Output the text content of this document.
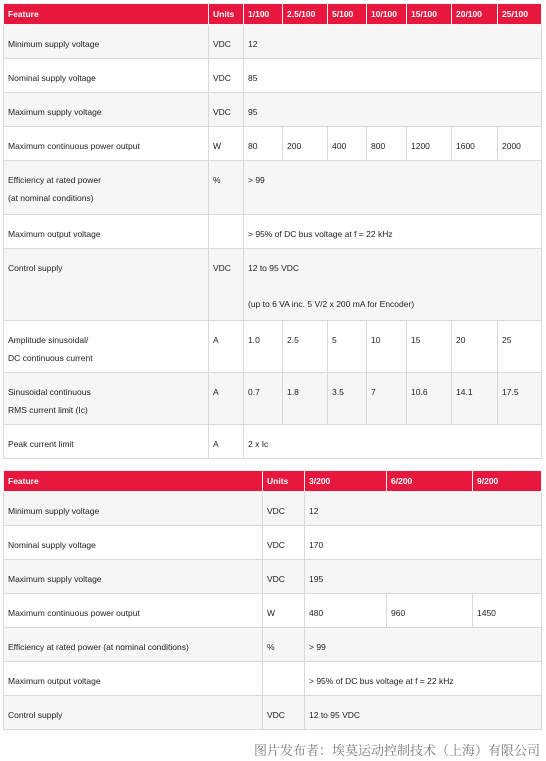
Feature	Units	1/100	2.5/100	5/100	10/100	15/100	20/100	25/100

Minimum supply voltage	VDC	12						

Nominal supply voltage	VDC	85						

Maximum supply voltage	VDC	95						

Maximum continuous power output	W	80	200	400	800	1200	1600	2000

Efficiency at rated power
(at nominal conditions)	%	> 99						

Maximum output voltage		> 95% of DC bus voltage at f = 22 kHz						

Control supply	VDC	12 to 95 VDC

(up to 6 VA inc. 5 V/2 x 200 mA for Encoder)						

Amplitude sinusoidal/
DC continuous current	A	1.0	2.5	5	10	15	20	25

Sinusoidal continuous
RMS current limit (Ic)	A	0.7	1.8	3.5	7	10.6	14.1	17.5

Peak current limit	A	2 x Ic						
Feature	Units	3/200	6/200	9/200
Minimum supply voltage	VDC	12		
Nominal supply voltage	VDC	170		
Maximum supply voltage	VDC	195		
Maximum continuous power output	W	480	960	1450
Efficiency at rated power (at nominal conditions)	%	> 99		
Maximum output voltage		> 95% of DC bus voltage at f = 22 kHz		
Control supply	VDC	12 to 95 VDC		
图片发布者：埃莫运动控制技术（上海）有限公司
